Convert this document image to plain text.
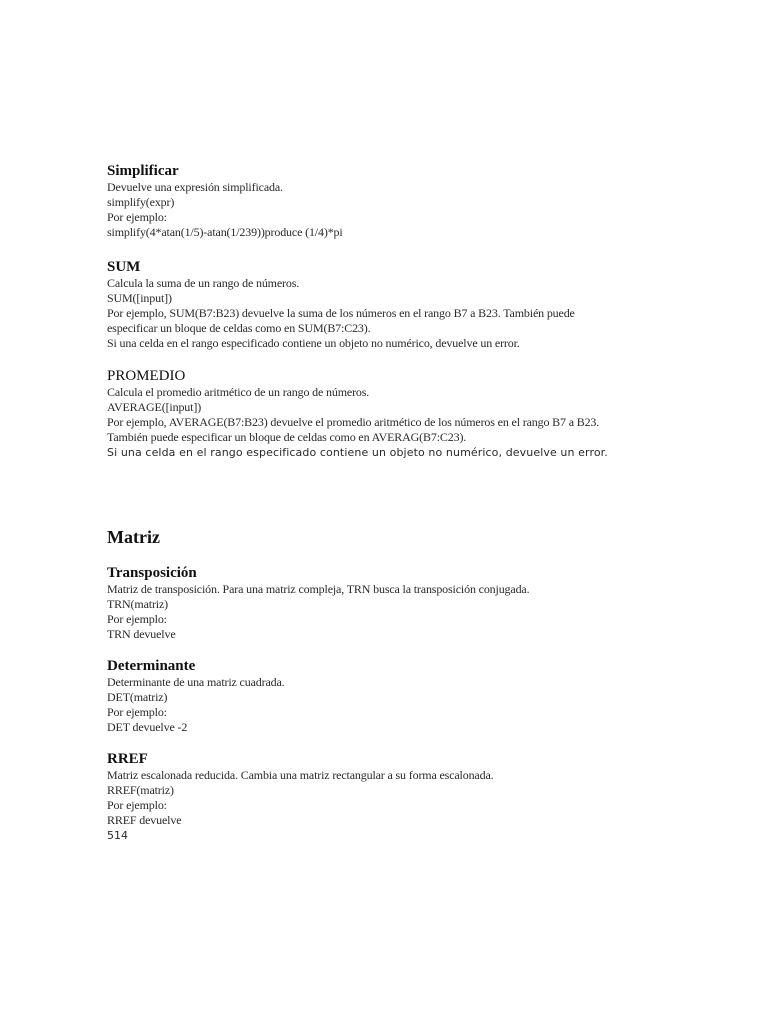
Simplificar

Devuelve una expresión simplificada.

simplify(expr)

Por ejemplo:

simplify(4*atan(1/5)-atan(1/239))produce (1/4)*pi

SUM

Calcula la suma de un rango de números.

SUM([input])

Por ejemplo, SUM(B7:B23) devuelve la suma de los números en el rango B7 a B23. También puede

especificar un bloque de celdas como en SUM(B7:C23).

Si una celda en el rango especificado contiene un objeto no numérico, devuelve un error.

PROMEDIO

Calcula el promedio aritmético de un rango de números.

AVERAGE([input])

Por ejemplo, AVERAGE(B7:B23) devuelve el promedio aritmético de los números en el rango B7 a B23.

También puede especificar un bloque de celdas como en AVERAG(B7:C23).

Si una celda en el rango especificado contiene un objeto no numérico, devuelve un error.

Matriz
Transposición

Matriz de transposición. Para una matriz compleja, TRN busca la transposición conjugada.

TRN(matriz)

Por ejemplo:

TRN devuelve

Determinante

Determinante de una matriz cuadrada.

DET(matriz)

Por ejemplo:

DET devuelve -2

RREF

Matriz escalonada reducida. Cambia una matriz rectangular a su forma escalonada.

RREF(matriz)

Por ejemplo:

RREF devuelve

514
